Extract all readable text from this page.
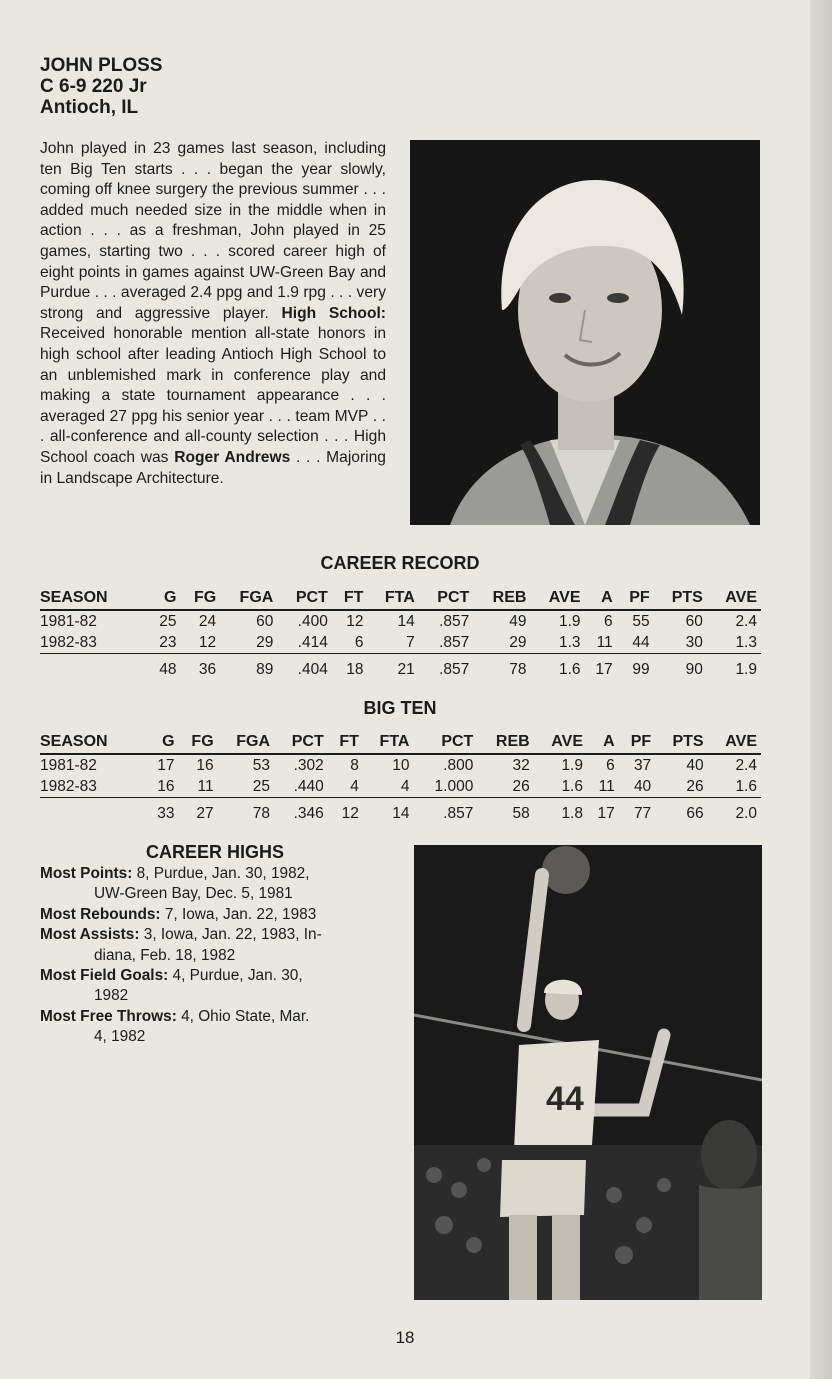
JOHN PLOSS
C 6-9 220 Jr
Antioch, IL
John played in 23 games last season, including ten Big Ten starts . . . began the year slowly, coming off knee surgery the previous summer . . . added much needed size in the middle when in action . . . as a freshman, John played in 25 games, starting two . . . scored career high of eight points in games against UW-Green Bay and Purdue . . . averaged 2.4 ppg and 1.9 rpg . . . very strong and aggressive player. High School: Received honorable mention all-state honors in high school after leading Antioch High School to an unblemished mark in conference play and making a state tournament appearance . . . averaged 27 ppg his senior year . . . team MVP . . . all-conference and all-county selection . . . High School coach was Roger Andrews . . . Majoring in Landscape Architecture.
CAREER RECORD
SEASON	G	FG	FGA	PCT	FT	FTA	PCT	REB	AVE	A	PF	PTS	AVE
1981-82	25	24	60	.400	12	14	.857	49	1.9	6	55	60	2.4
1982-83	23	12	29	.414	6	7	.857	29	1.3	11	44	30	1.3
	48	36	89	.404	18	21	.857	78	1.6	17	99	90	1.9
BIG TEN
SEASON	G	FG	FGA	PCT	FT	FTA	PCT	REB	AVE	A	PF	PTS	AVE
1981-82	17	16	53	.302	8	10	.800	32	1.9	6	37	40	2.4
1982-83	16	11	25	.440	4	4	1.000	26	1.6	11	40	26	1.6
	33	27	78	.346	12	14	.857	58	1.8	17	77	66	2.0
CAREER HIGHS
Most Points: 8, Purdue, Jan. 30, 1982,
UW-Green Bay, Dec. 5, 1981
Most Rebounds: 7, Iowa, Jan. 22, 1983
Most Assists: 3, Iowa, Jan. 22, 1983, In-
diana, Feb. 18, 1982
Most Field Goals: 4, Purdue, Jan. 30,
1982
Most Free Throws: 4, Ohio State, Mar.
4, 1982
44
18
